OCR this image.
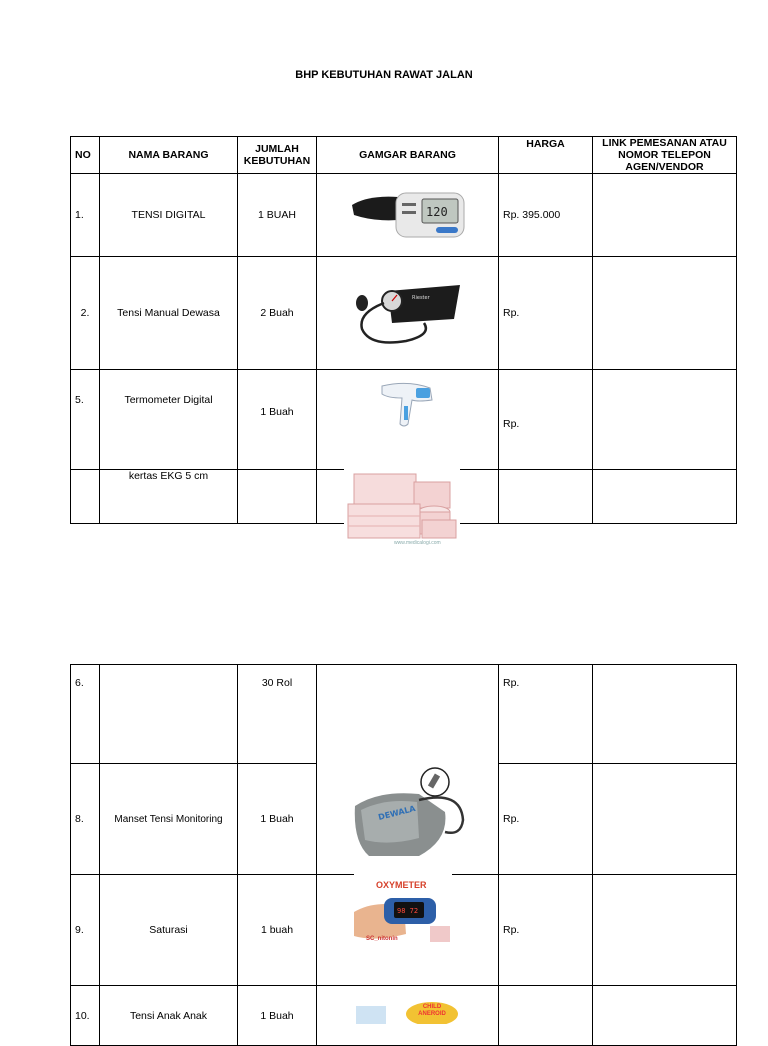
BHP KEBUTUHAN RAWAT JALAN
NO	NAMA BARANG	JUMLAH KEBUTUHAN	GAMGAR BARANG	HARGA	LINK PEMESANAN ATAU NOMOR TELEPON AGEN/VENDOR
1.	TENSI DIGITAL	1 BUAH	120	Rp. 395.000	
2.	Tensi Manual Dewasa	2 Buah	Riester	Rp.	
5.	Termometer Digital	1 Buah		Rp.	
	kertas EKG 5 cm				
www.medicalogi.com
6.		30 Rol		Rp.	
8.	Manset Tensi Monitoring	1 Buah		Rp.	
9.	Saturasi	1 buah		Rp.	
10.	Tensi Anak Anak	1 Buah			
DEWALA
OXYMETER
98 72
SC_nitonin
CHILD ANEROID
